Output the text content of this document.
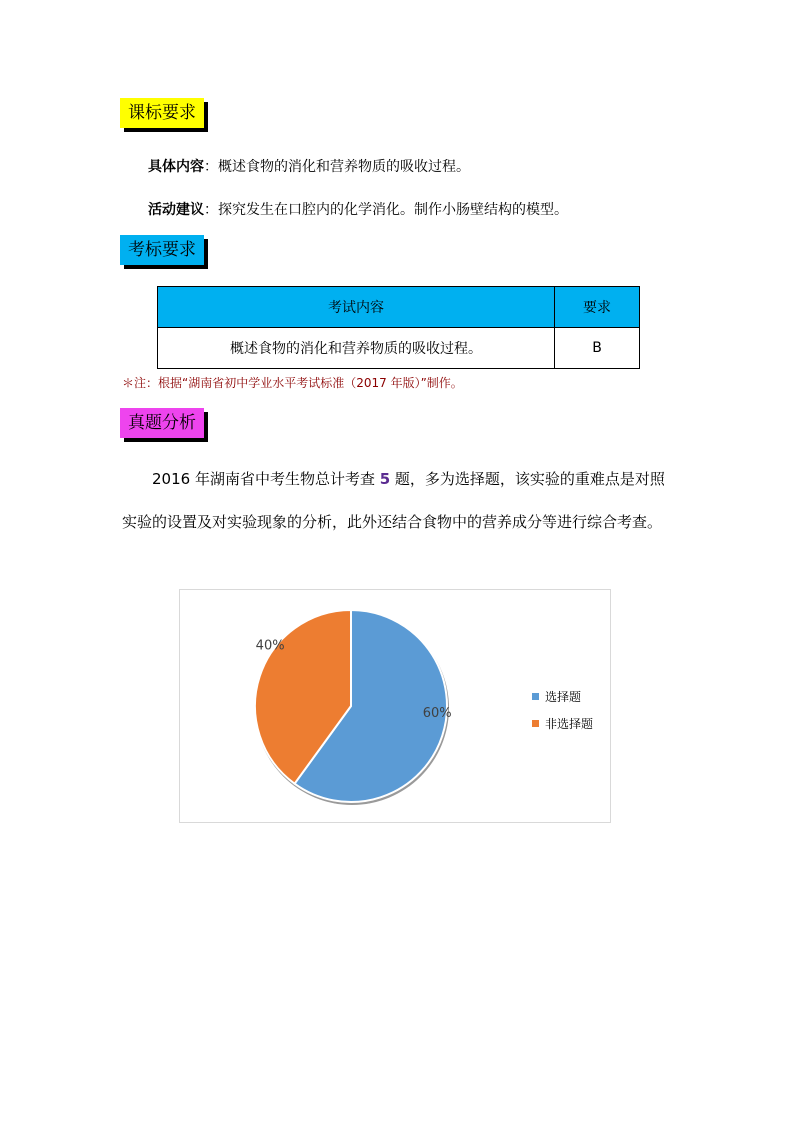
课标要求
具体内容：概述食物的消化和营养物质的吸收过程。
活动建议：探究发生在口腔内的化学消化。制作小肠壁结构的模型。
考标要求
考试内容	要求
概述食物的消化和营养物质的吸收过程。	B
＊注：根据“湖南省初中学业水平考试标准（2017 年版）”制作。
真题分析
2016 年湖南省中考生物总计考查 5 题，多为选择题，该实验的重难点是对照实验的设置及对实验现象的分析，此外还结合食物中的营养成分等进行综合考查。
60%
40%
选择题
非选择题
